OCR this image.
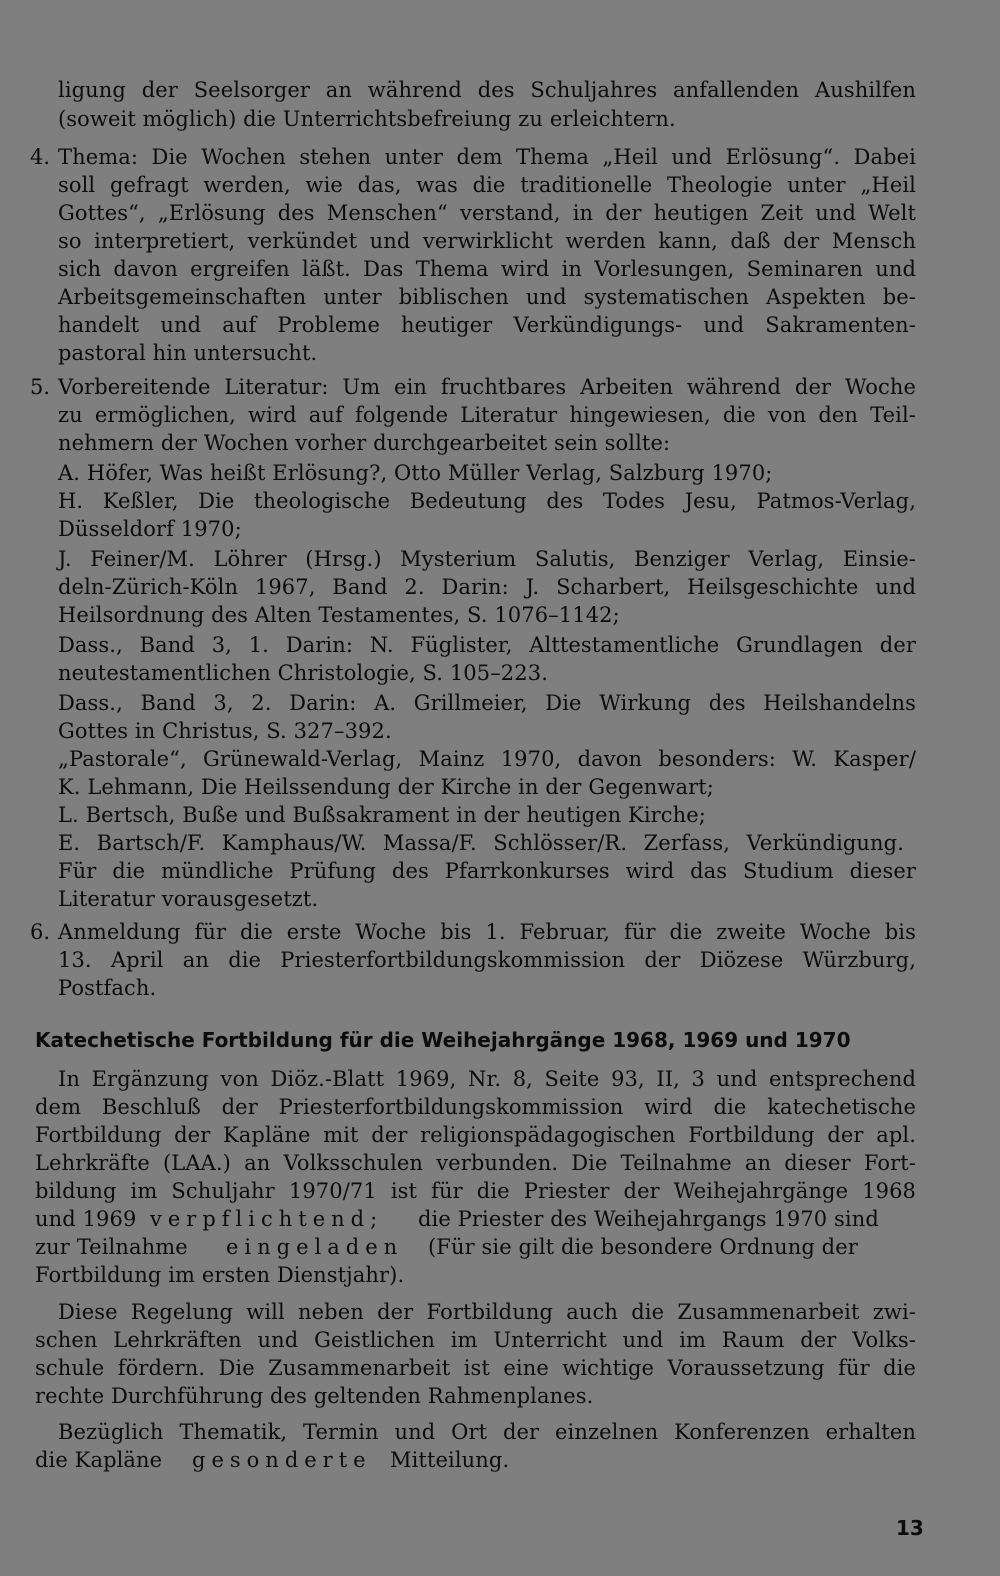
ligung der Seelsorger an während des Schuljahres anfallenden Aushilfen
(soweit möglich) die Unterrichtsbefreiung zu erleichtern.
4. Thema: Die Wochen stehen unter dem Thema „Heil und Erlösung“. Dabei
soll gefragt werden, wie das, was die traditionelle Theologie unter „Heil
Gottes“, „Erlösung des Menschen“ verstand, in der heutigen Zeit und Welt
so interpretiert, verkündet und verwirklicht werden kann, daß der Mensch
sich davon ergreifen läßt. Das Thema wird in Vorlesungen, Seminaren und
Arbeitsgemeinschaften unter biblischen und systematischen Aspekten be-
handelt und auf Probleme heutiger Verkündigungs- und Sakramenten-
pastoral hin untersucht.
5. Vorbereitende Literatur: Um ein fruchtbares Arbeiten während der Woche
zu ermöglichen, wird auf folgende Literatur hingewiesen, die von den Teil-
nehmern der Wochen vorher durchgearbeitet sein sollte:
A. Höfer, Was heißt Erlösung?, Otto Müller Verlag, Salzburg 1970;
H. Keßler, Die theologische Bedeutung des Todes Jesu, Patmos-Verlag,
Düsseldorf 1970;
J. Feiner/M. Löhrer (Hrsg.) Mysterium Salutis, Benziger Verlag, Einsie-
deln-Zürich-Köln 1967, Band 2. Darin: J. Scharbert, Heilsgeschichte und
Heilsordnung des Alten Testamentes, S. 1076–1142;
Dass., Band 3, 1. Darin: N. Füglister, Alttestamentliche Grundlagen der
neutestamentlichen Christologie, S. 105–223.
Dass., Band 3, 2. Darin: A. Grillmeier, Die Wirkung des Heilshandelns
Gottes in Christus, S. 327–392.
„Pastorale“, Grünewald-Verlag, Mainz 1970, davon besonders: W. Kasper/
K. Lehmann, Die Heilssendung der Kirche in der Gegenwart;
L. Bertsch, Buße und Bußsakrament in der heutigen Kirche;
E. Bartsch/F. Kamphaus/W. Massa/F. Schlösser/R. Zerfass, Verkündigung.
Für die mündliche Prüfung des Pfarrkonkurses wird das Studium dieser
Literatur vorausgesetzt.
6. Anmeldung für die erste Woche bis 1. Februar, für die zweite Woche bis
13. April an die Priesterfortbildungskommission der Diözese Würzburg,
Postfach.
Katechetische Fortbildung für die Weihejahrgänge 1968, 1969 und 1970
In Ergänzung von Diöz.-Blatt 1969, Nr. 8, Seite 93, II, 3 und entsprechend
dem Beschluß der Priesterfortbildungskommission wird die katechetische
Fortbildung der Kapläne mit der religionspädagogischen Fortbildung der apl.
Lehrkräfte (LAA.) an Volksschulen verbunden. Die Teilnahme an dieser Fort-
bildung im Schuljahr 1970/71 ist für die Priester der Weihejahrgänge 1968
und 1969 verpflichtend; die Priester des Weihejahrgangs 1970 sind
zur Teilnahme eingeladen (Für sie gilt die besondere Ordnung der
Fortbildung im ersten Dienstjahr).
Diese Regelung will neben der Fortbildung auch die Zusammenarbeit zwi-
schen Lehrkräften und Geistlichen im Unterricht und im Raum der Volks-
schule fördern. Die Zusammenarbeit ist eine wichtige Voraussetzung für die
rechte Durchführung des geltenden Rahmenplanes.
Bezüglich Thematik, Termin und Ort der einzelnen Konferenzen erhalten
die Kapläne gesonderte Mitteilung.
13
